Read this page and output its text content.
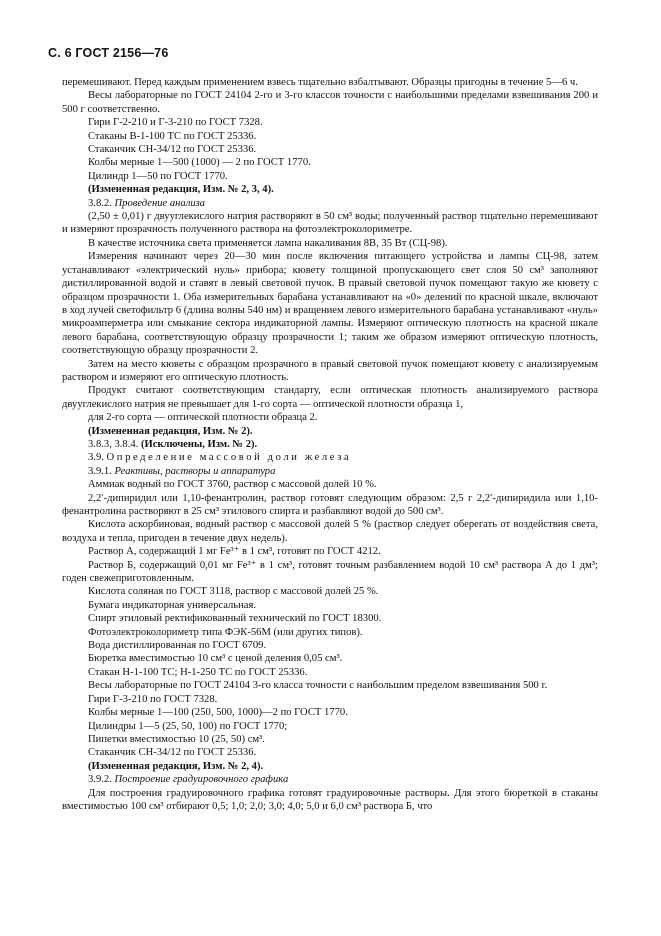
С. 6 ГОСТ 2156—76

перемешивают. Перед каждым применением взвесь тщательно взбалтывают. Образцы пригодны в течение 5—6 ч.

Весы лабораторные по ГОСТ 24104 2-го и 3-го классов точности с наибольшими пределами взвешивания 200 и 500 г соответственно.

Гири Г-2-210 и Г-3-210 по ГОСТ 7328.

Стаканы В-1-100 ТС по ГОСТ 25336.

Стаканчик СН-34/12 по ГОСТ 25336.

Колбы мерные 1—500 (1000) — 2 по ГОСТ 1770.

Цилиндр 1—50 по ГОСТ 1770.

(Измененная редакция, Изм. № 2, 3, 4).

3.8.2. Проведение анализа

(2,50 ± 0,01) г двууглекислого натрия растворяют в 50 см³ воды; полученный раствор тщательно перемешивают и измеряют прозрачность полученного раствора на фотоэлектроколориметре.

В качестве источника света применяется лампа накаливания 8В, 35 Вт (СЦ-98).

Измерения начинают через 20—30 мин после включения питающего устройства и лампы СЦ-98, затем устанавливают «электрический нуль» прибора; кювету толщиной пропускающего свет слоя 50 см³ заполняют дистиллированной водой и ставят в левый световой пучок. В правый световой пучок помещают такую же кювету с образцом прозрачности 1. Оба измерительных барабана устанавливают на «0» делений по красной шкале, включают в ход лучей светофильтр 6 (длина волны 540 нм) и вращением левого измерительного барабана устанавливают «нуль» микроамперметра или смыкание сектора индикаторной лампы. Измеряют оптическую плотность на красной шкале левого барабана, соответствующую образцу прозрачности 1; таким же образом измеряют оптическую плотность, соответствующую образцу прозрачности 2.

Затем на место кюветы с образцом прозрачного в правый световой пучок помещают кювету с анализируемым раствором и измеряют его оптическую плотность.

Продукт считают соответствующим стандарту, если оптическая плотность анализируемого раствора двууглекислого натрия не превышает для 1-го сорта — оптической плотности образца 1,

для 2-го сорта — оптической плотности образца 2.

(Измененная редакция, Изм. № 2).

3.8.3, 3.8.4. (Исключены, Изм. № 2).

3.9. Определение массовой доли железа

3.9.1. Реактивы, растворы и аппаратура

Аммиак водный по ГОСТ 3760, раствор с массовой долей 10 %.

2,2′-дипиридил или 1,10-фенантролин, раствор готовят следующим образом: 2,5 г 2,2′-дипиридила или 1,10-фенантролина растворяют в 25 см³ этилового спирта и разбавляют водой до 500 см³.

Кислота аскорбиновая, водный раствор с массовой долей 5 % (раствор следует оберегать от воздействия света, воздуха и тепла, пригоден в течение двух недель).

Раствор А, содержащий 1 мг Fe³⁺ в 1 см³, готовят по ГОСТ 4212.

Раствор Б, содержащий 0,01 мг Fe³⁺ в 1 см³, готовят точным разбавлением водой 10 см³ раствора А до 1 дм³; годен свежеприготовленным.

Кислота соляная по ГОСТ 3118, раствор с массовой долей 25 %.

Бумага индикаторная универсальная.

Спирт этиловый ректификованный технический по ГОСТ 18300.

Фотоэлектроколориметр типа ФЭК-56М (или других типов).

Вода дистиллированная по ГОСТ 6709.

Бюретка вместимостью 10 см³ с ценой деления 0,05 см³.

Стакан Н-1-100 ТС; Н-1-250 ТС по ГОСТ 25336.

Весы лабораторные по ГОСТ 24104 3-го класса точности с наибольшим пределом взвешивания 500 г.

Гири Г-3-210 по ГОСТ 7328.

Колбы мерные 1—100 (250, 500, 1000)—2 по ГОСТ 1770.

Цилиндры 1—5 (25, 50, 100) по ГОСТ 1770;

Пипетки вместимостью 10 (25, 50) см³.

Стаканчик СН-34/12 по ГОСТ 25336.

(Измененная редакция, Изм. № 2, 4).

3.9.2. Построение градуировочного графика

Для построения градуировочного графика готовят градуировочные растворы. Для этого бюреткой в стаканы вместимостью 100 см³ отбирают 0,5; 1,0; 2,0; 3,0; 4,0; 5,0 и 6,0 см³ раствора Б, что
